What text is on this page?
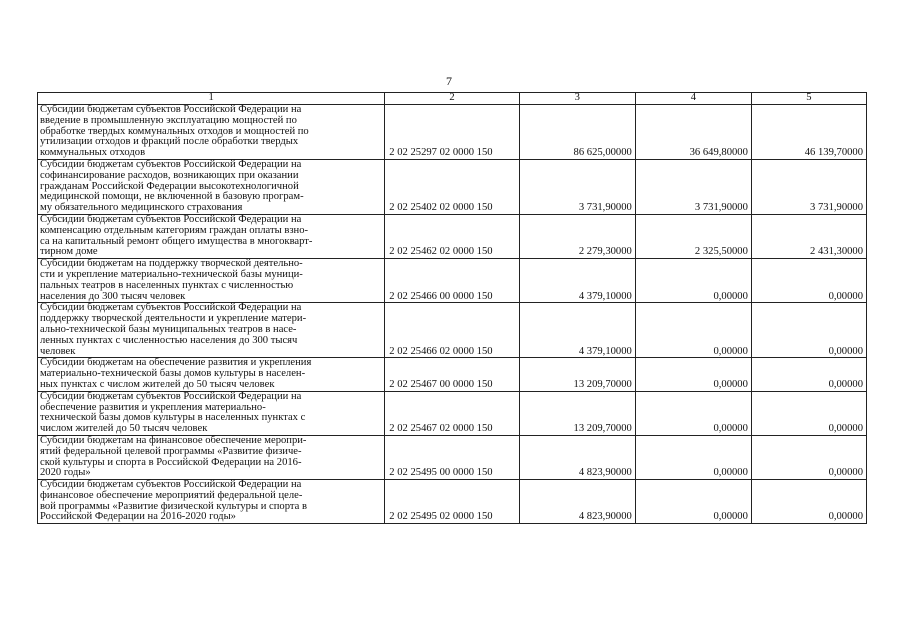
7
1	2	3	4	5

Субсидии бюджетам субъектов Российской Федерации на
введение в промышленную эксплуатацию мощностей по
обработке твердых коммунальных отходов и мощностей по
утилизации отходов и фракций после обработки твердых
коммунальных отходов	2 02 25297 02 0000 150	86 625,00000	36 649,80000	46 139,70000

Субсидии бюджетам субъектов Российской Федерации на
софинансирование расходов, возникающих при оказании
гражданам Российской Федерации высокотехнологичной
медицинской помощи, не включенной в базовую програм-
му обязательного медицинского страхования	2 02 25402 02 0000 150	3 731,90000	3 731,90000	3 731,90000

Субсидии бюджетам субъектов Российской Федерации на
компенсацию отдельным категориям граждан оплаты взно-
са на капитальный ремонт общего имущества в многокварт-
тирном доме	2 02 25462 02 0000 150	2 279,30000	2 325,50000	2 431,30000

Субсидии бюджетам на поддержку творческой деятельно-
сти и укрепление материально-технической базы муници-
пальных театров в населенных пунктах с численностью
населения до 300 тысяч человек	2 02 25466 00 0000 150	4 379,10000	0,00000	0,00000

Субсидии бюджетам субъектов Российской Федерации на
поддержку творческой деятельности и укрепление матери-
ально-технической базы муниципальных театров в насе-
ленных пунктах с численностью населения до 300 тысяч
человек	2 02 25466 02 0000 150	4 379,10000	0,00000	0,00000

Субсидии бюджетам на обеспечение развития и укрепления
материально-технической базы домов культуры в населен-
ных пунктах с числом жителей до 50 тысяч человек	2 02 25467 00 0000 150	13 209,70000	0,00000	0,00000

Субсидии бюджетам субъектов Российской Федерации на
обеспечение развития и укрепления материально-
технической базы домов культуры в населенных пунктах с
числом жителей до 50 тысяч человек	2 02 25467 02 0000 150	13 209,70000	0,00000	0,00000

Субсидии бюджетам на финансовое обеспечение меропри-
ятий федеральной целевой программы «Развитие физиче-
ской культуры и спорта в Российской Федерации на 2016-
2020 годы»	2 02 25495 00 0000 150	4 823,90000	0,00000	0,00000

Субсидии бюджетам субъектов Российской Федерации на
финансовое обеспечение мероприятий федеральной целе-
вой программы «Развитие физической культуры и спорта в
Российской Федерации на 2016-2020 годы»	2 02 25495 02 0000 150	4 823,90000	0,00000	0,00000
